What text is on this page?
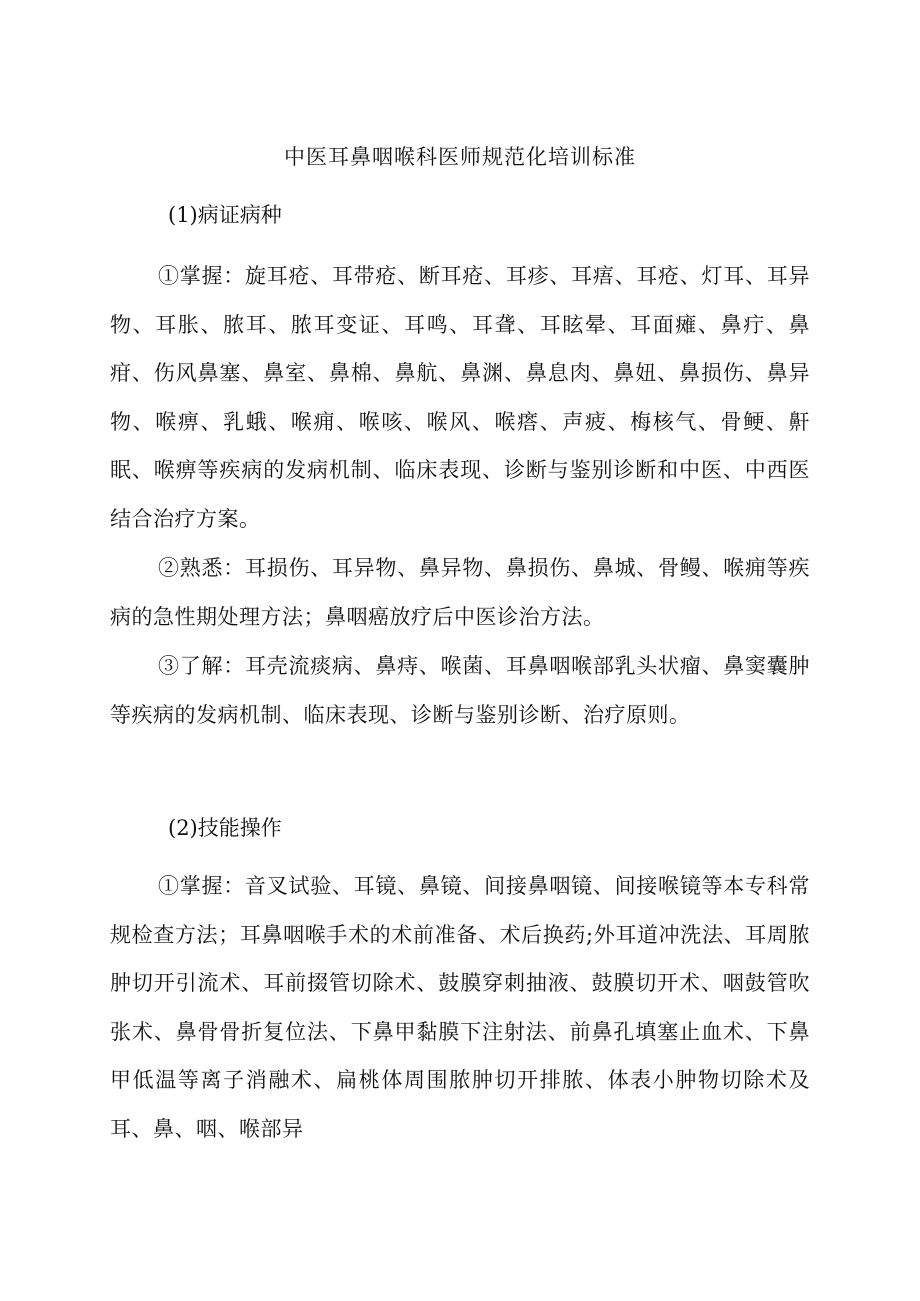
中医耳鼻咽喉科医师规范化培训标准
(1)病证病种

①掌握：旋耳疮、耳带疮、断耳疮、耳疹、耳痦、耳疮、灯耳、耳异物、耳胀、脓耳、脓耳变证、耳鸣、耳聋、耳眩晕、耳面瘫、鼻疔、鼻疳、伤风鼻塞、鼻室、鼻棉、鼻航、鼻渊、鼻息肉、鼻妞、鼻损伤、鼻异物、喉痹、乳蛾、喉痈、喉咳、喉风、喉瘩、声疲、梅核气、骨鲠、鼾眠、喉痹等疾病的发病机制、临床表现、诊断与鉴别诊断和中医、中西医结合治疗方案。

②熟悉：耳损伤、耳异物、鼻异物、鼻损伤、鼻城、骨鳗、喉痈等疾病的急性期处理方法；鼻咽癌放疗后中医诊治方法。

③了解：耳壳流痰病、鼻痔、喉菌、耳鼻咽喉部乳头状瘤、鼻窦囊肿等疾病的发病机制、临床表现、诊断与鉴别诊断、治疗原则。

(2)技能操作

①掌握：音叉试验、耳镜、鼻镜、间接鼻咽镜、间接喉镜等本专科常规检查方法；耳鼻咽喉手术的术前准备、术后换药;外耳道冲洗法、耳周脓肿切开引流术、耳前掇管切除术、鼓膜穿刺抽液、鼓膜切开术、咽鼓管吹张术、鼻骨骨折复位法、下鼻甲黏膜下注射法、前鼻孔填塞止血术、下鼻甲低温等离子消融术、扁桃体周围脓肿切开排脓、体表小肿物切除术及耳、鼻、咽、喉部异
